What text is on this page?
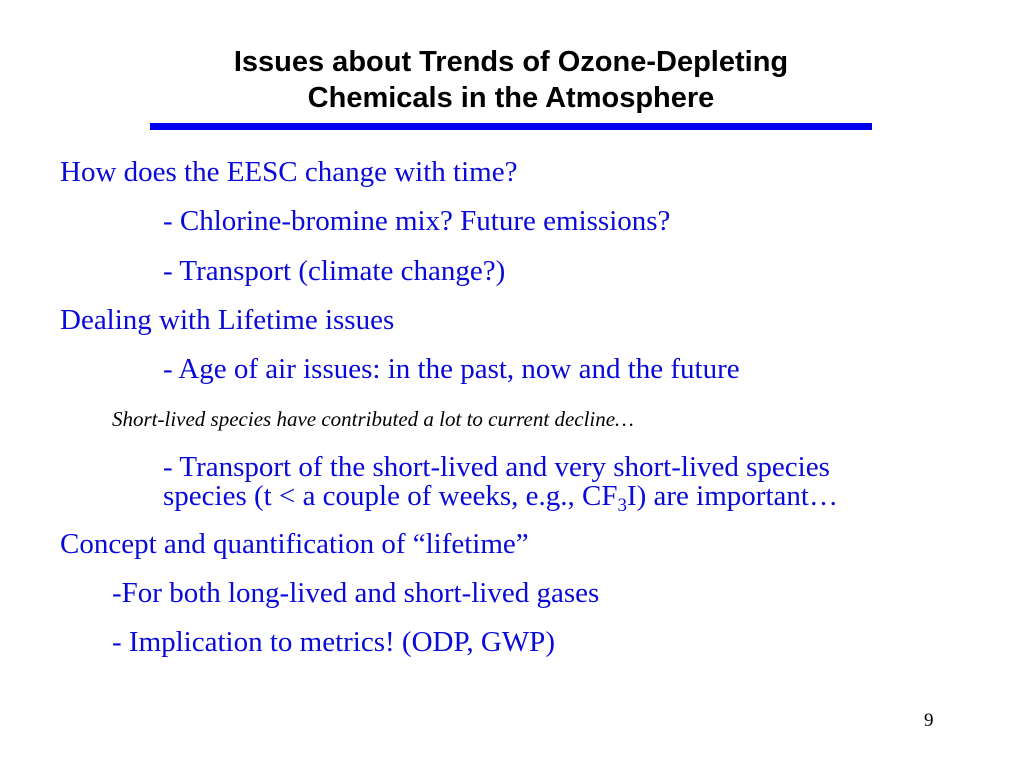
Issues about Trends of Ozone-Depleting
Chemicals in the Atmosphere
How does the EESC change with time?
- Chlorine-bromine mix? Future emissions?
- Transport (climate change?)
Dealing with Lifetime issues
- Age of air issues: in the past, now and the future
Short-lived species have contributed a lot to current decline…
- Transport of the short-lived and very short-lived species
species (t < a couple of weeks, e.g., $CF_3I$) are important…
Concept and quantification of “lifetime”
-For both long-lived and short-lived gases
- Implication to metrics! (ODP, GWP)
9
